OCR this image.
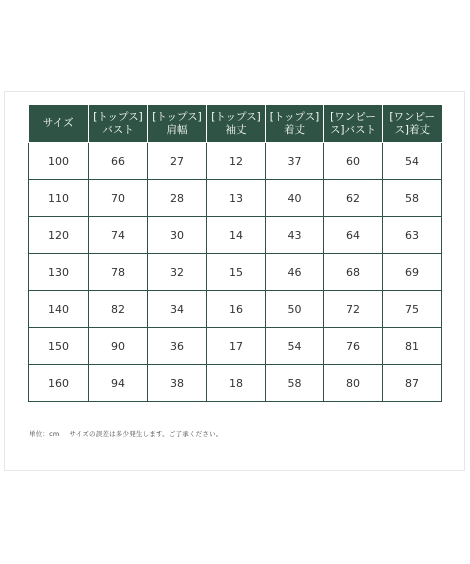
サイズ	[トップス]バスト	[トップス]肩幅	[トップス]袖丈	[トップス]着丈	[ワンピース]バスト	[ワンピース]着丈
100	66	27	12	37	60	54
110	70	28	13	40	62	58
120	74	30	14	43	64	63
130	78	32	15	46	68	69
140	82	34	16	50	72	75
150	90	36	17	54	76	81
160	94	38	18	58	80	87
単位：cm サイズの誤差は多少発生します。ご了承ください。
